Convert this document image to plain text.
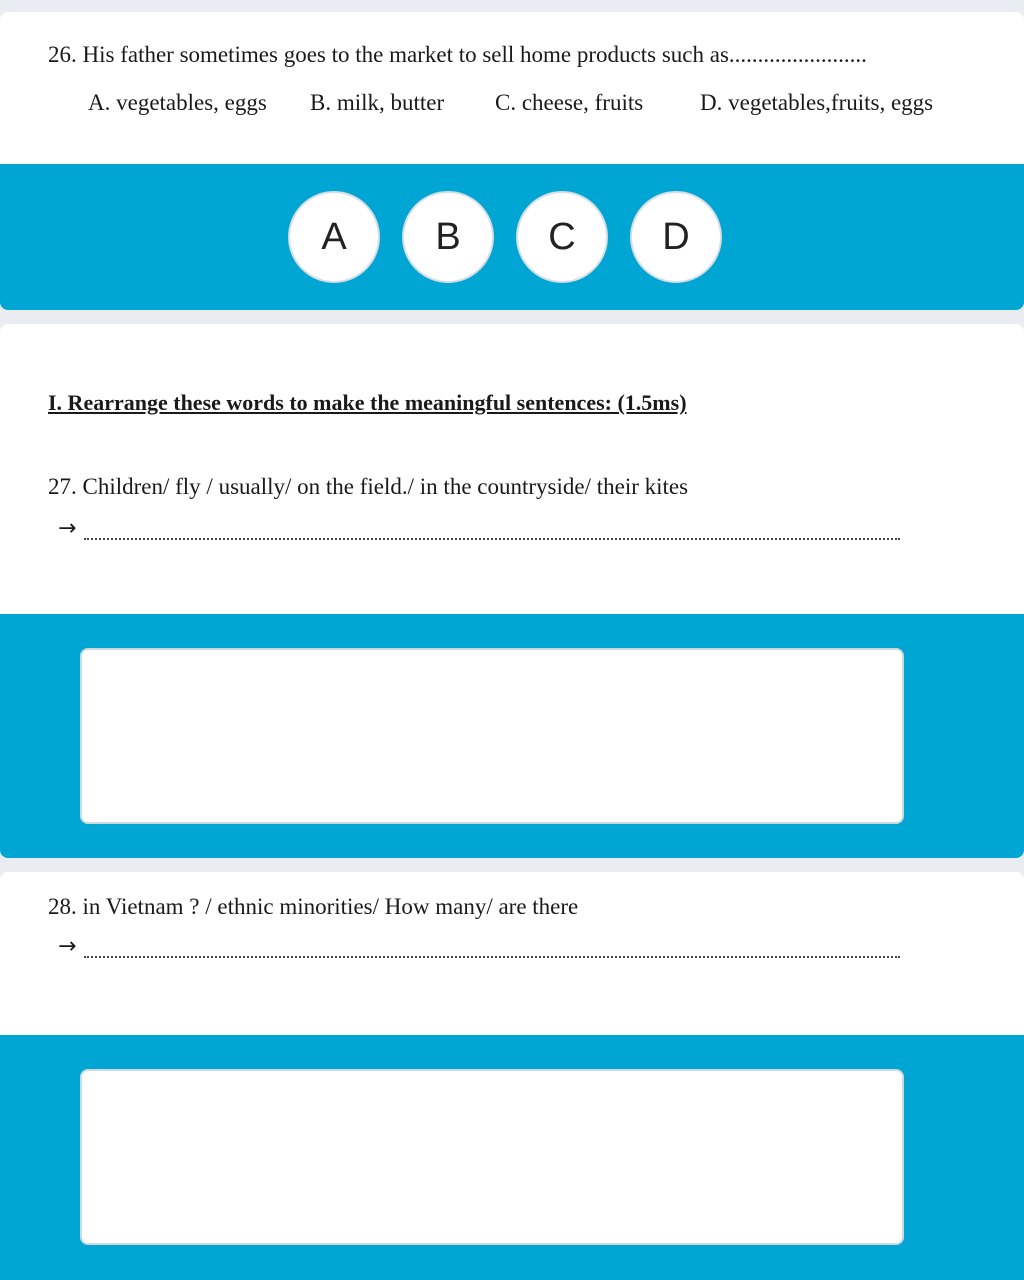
26. His father sometimes goes to the market to sell home products such as........................
A. vegetables, eggs B. milk, butter C. cheese, fruits D. vegetables,fruits, eggs
A	B	C	D
I. Rearrange these words to make the meaningful sentences: (1.5ms)
27. Children/ fly / usually/ on the field./ in the countryside/ their kites
→
28. in Vietnam ? / ethnic minorities/ How many/ are there
→
